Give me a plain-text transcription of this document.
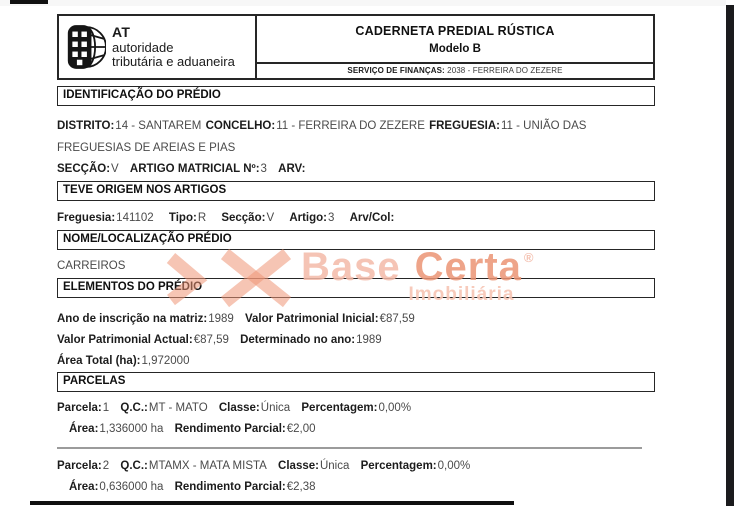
AT
autoridade
tributária e aduaneira
CADERNETA PREDIAL RÚSTICA
Modelo B
SERVIÇO DE FINANÇAS: 2038 - FERREIRA DO ZEZERE
IDENTIFICAÇÃO DO PRÉDIO

DISTRITO:14 - SANTAREM CONCELHO:11 - FERREIRA DO ZEZERE FREGUESIA:11 - UNIÃO DAS FREGUESIAS DE AREIAS E PIAS

SECÇÃO:V ARTIGO MATRICIAL Nº:3 ARV:

TEVE ORIGEM NOS ARTIGOS

Freguesia:141102 Tipo:R Secção:V Artigo:3 Arv/Col:

NOME/LOCALIZAÇÃO PRÉDIO

CARREIROS

ELEMENTOS DO PRÉDIO

Ano de inscrição na matriz:1989 Valor Patrimonial Inicial:€87,59

Valor Patrimonial Actual:€87,59 Determinado no ano:1989

Área Total (ha):1,972000

PARCELAS

Parcela:1 Q.C.:MT - MATO Classe:Única Percentagem:0,00%

Área:1,336000 ha Rendimento Parcial:€2,00

Parcela:2 Q.C.:MTAMX - MATA MISTA Classe:Única Percentagem:0,00%

Área:0,636000 ha Rendimento Parcial:€2,38

Base Certa ®
Imobiliária
